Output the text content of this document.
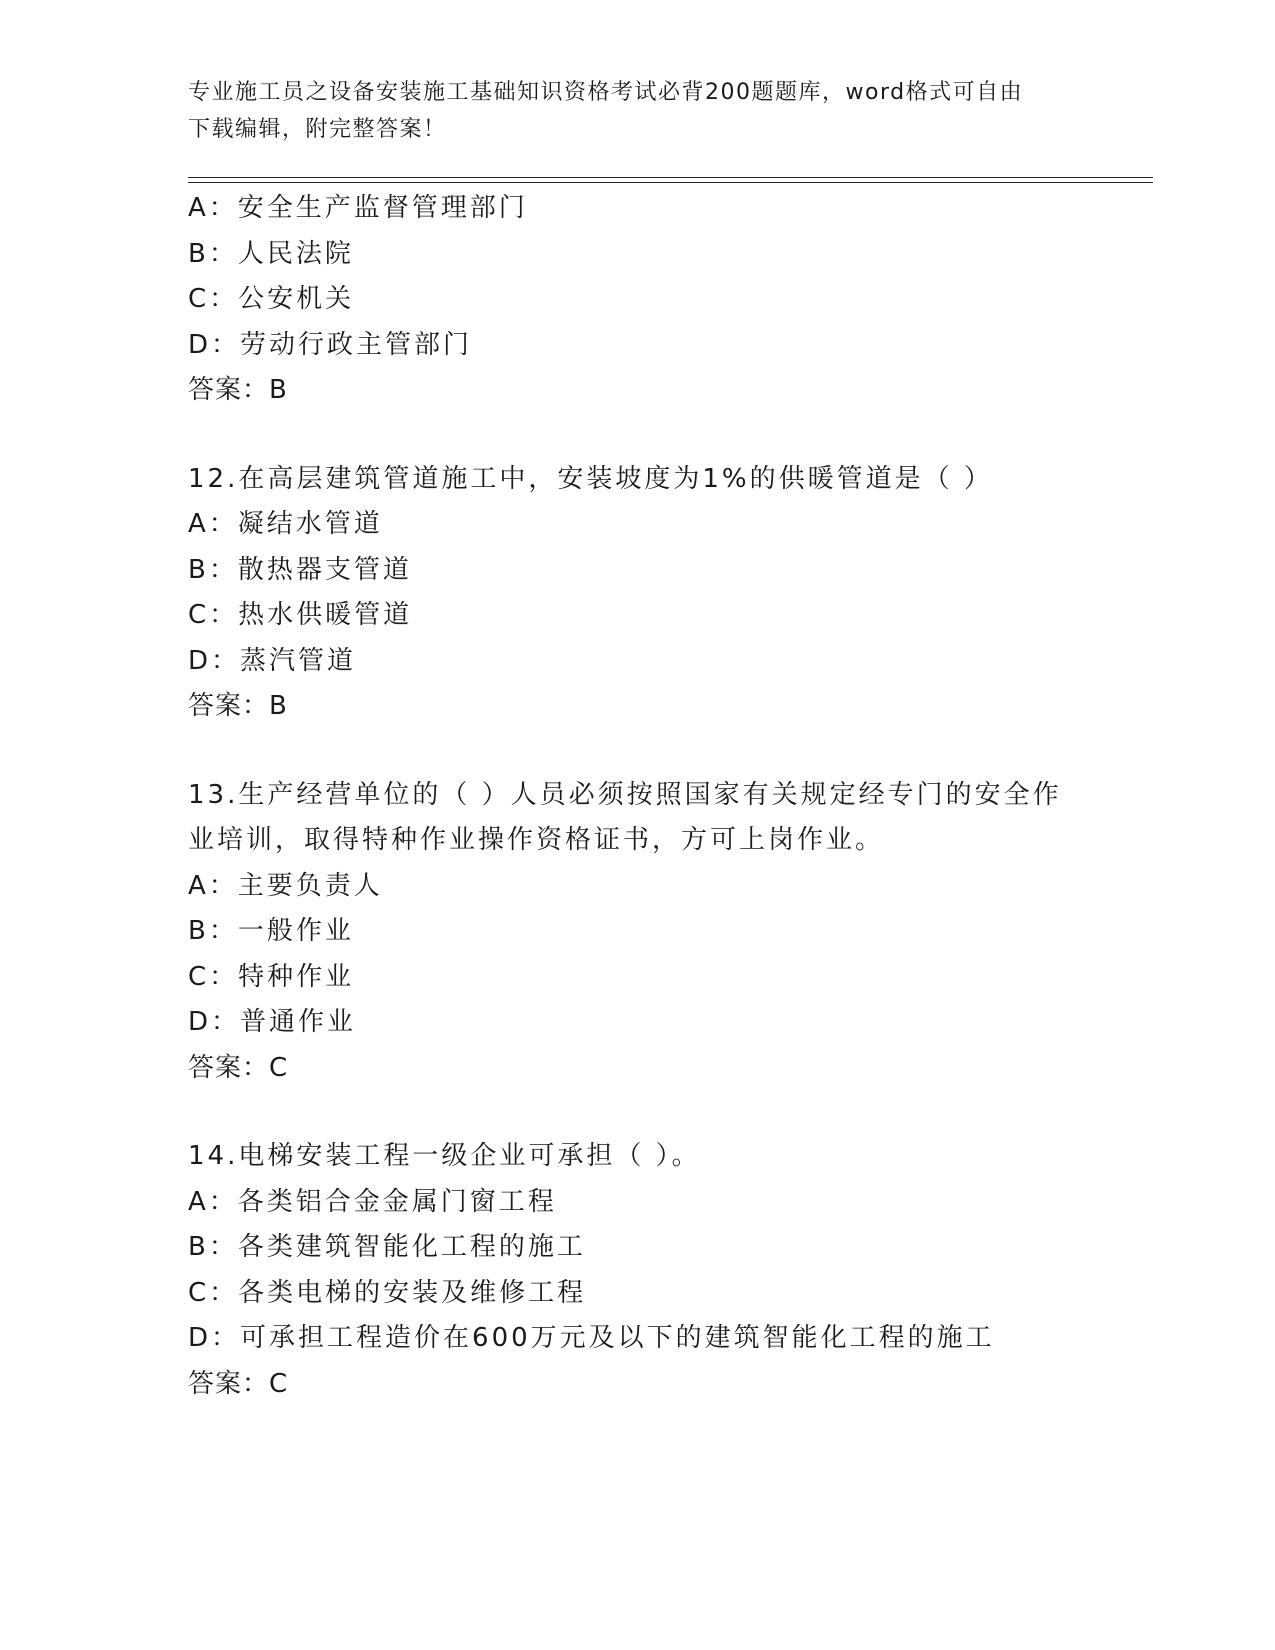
专业施工员之设备安装施工基础知识资格考试必背200题题库，word格式可自由
下载编辑，附完整答案！
A：安全生产监督管理部门
B：人民法院
C：公安机关
D：劳动行政主管部门
答案：B
12.在高层建筑管道施工中，安装坡度为1%的供暖管道是（ ）
A：凝结水管道
B：散热器支管道
C：热水供暖管道
D：蒸汽管道
答案：B
13.生产经营单位的（ ）人员必须按照国家有关规定经专门的安全作
业培训，取得特种作业操作资格证书，方可上岗作业。
A：主要负责人
B：一般作业
C：特种作业
D：普通作业
答案：C
14.电梯安装工程一级企业可承担（ ）。
A：各类铝合金金属门窗工程
B：各类建筑智能化工程的施工
C：各类电梯的安装及维修工程
D：可承担工程造价在600万元及以下的建筑智能化工程的施工
答案：C
